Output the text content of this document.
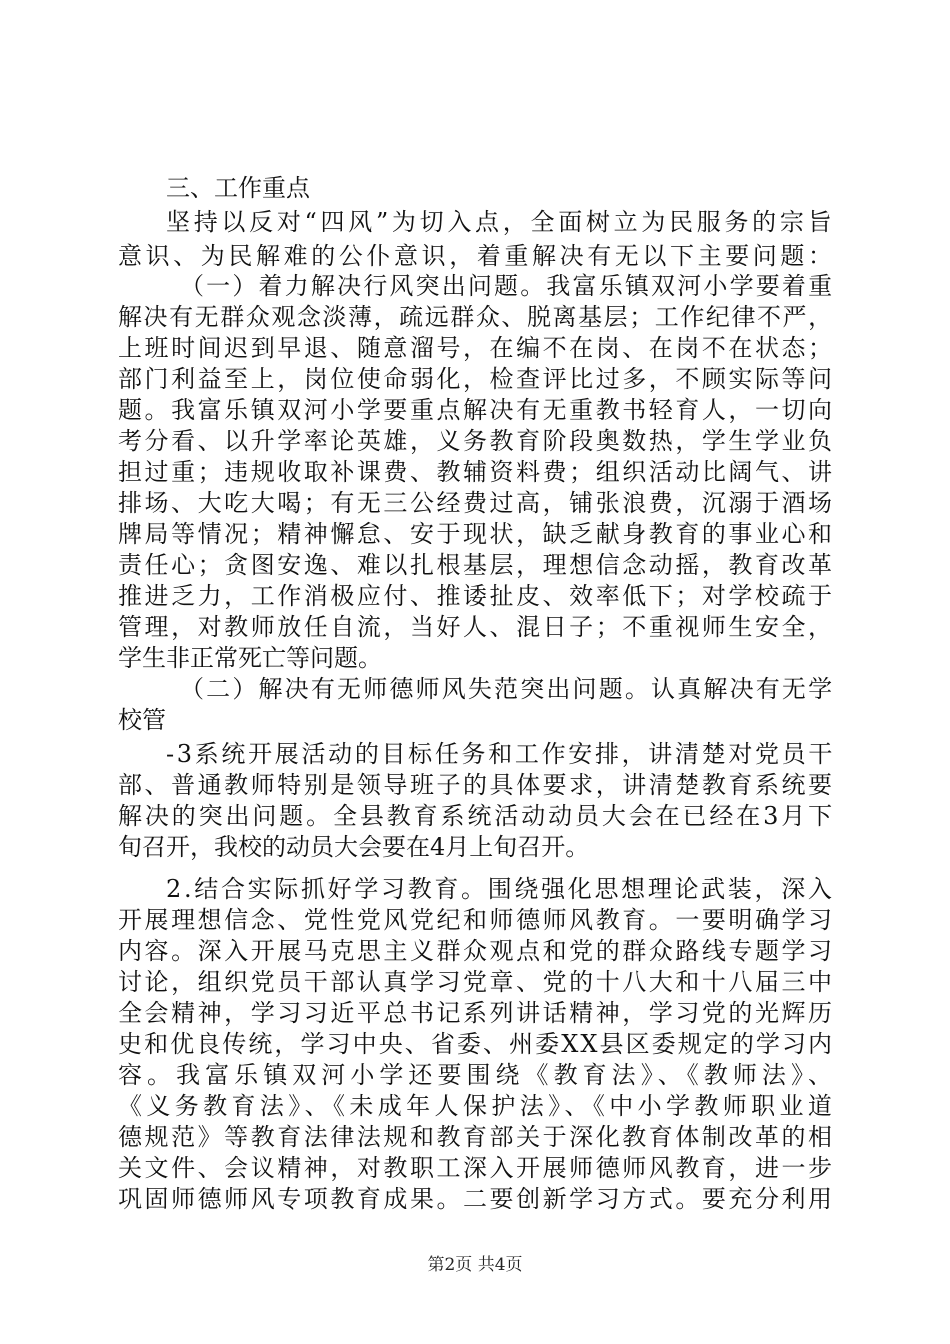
三、工作重点
坚持以反对“四风”为切入点，全面树立为民服务的宗旨
意识、为民解难的公仆意识，着重解决有无以下主要问题：
（一）着力解决行风突出问题。我富乐镇双河小学要着重
解决有无群众观念淡薄，疏远群众、脱离基层；工作纪律不严，
上班时间迟到早退、随意溜号，在编不在岗、在岗不在状态；
部门利益至上，岗位使命弱化，检查评比过多，不顾实际等问
题。我富乐镇双河小学要重点解决有无重教书轻育人，一切向
考分看、以升学率论英雄，义务教育阶段奥数热，学生学业负
担过重；违规收取补课费、教辅资料费；组织活动比阔气、讲
排场、大吃大喝；有无三公经费过高，铺张浪费，沉溺于酒场
牌局等情况；精神懈怠、安于现状，缺乏献身教育的事业心和
责任心；贪图安逸、难以扎根基层，理想信念动摇，教育改革
推进乏力，工作消极应付、推诿扯皮、效率低下；对学校疏于
管理，对教师放任自流，当好人、混日子；不重视师生安全，
学生非正常死亡等问题。
（二）解决有无师德师风失范突出问题。认真解决有无学
校管
-3系统开展活动的目标任务和工作安排，讲清楚对党员干
部、普通教师特别是领导班子的具体要求，讲清楚教育系统要
解决的突出问题。全县教育系统活动动员大会在已经在3月下
旬召开，我校的动员大会要在4月上旬召开。
2.结合实际抓好学习教育。围绕强化思想理论武装，深入
开展理想信念、党性党风党纪和师德师风教育。一要明确学习
内容。深入开展马克思主义群众观点和党的群众路线专题学习
讨论，组织党员干部认真学习党章、党的十八大和十八届三中
全会精神，学习习近平总书记系列讲话精神，学习党的光辉历
史和优良传统，学习中央、省委、州委XX县区委规定的学习内
容。我富乐镇双河小学还要围绕《教育法》、《教师法》、
《义务教育法》、《未成年人保护法》、《中小学教师职业道
德规范》等教育法律法规和教育部关于深化教育体制改革的相
关文件、会议精神，对教职工深入开展师德师风教育，进一步
巩固师德师风专项教育成果。二要创新学习方式。要充分利用
第2页 共4页
